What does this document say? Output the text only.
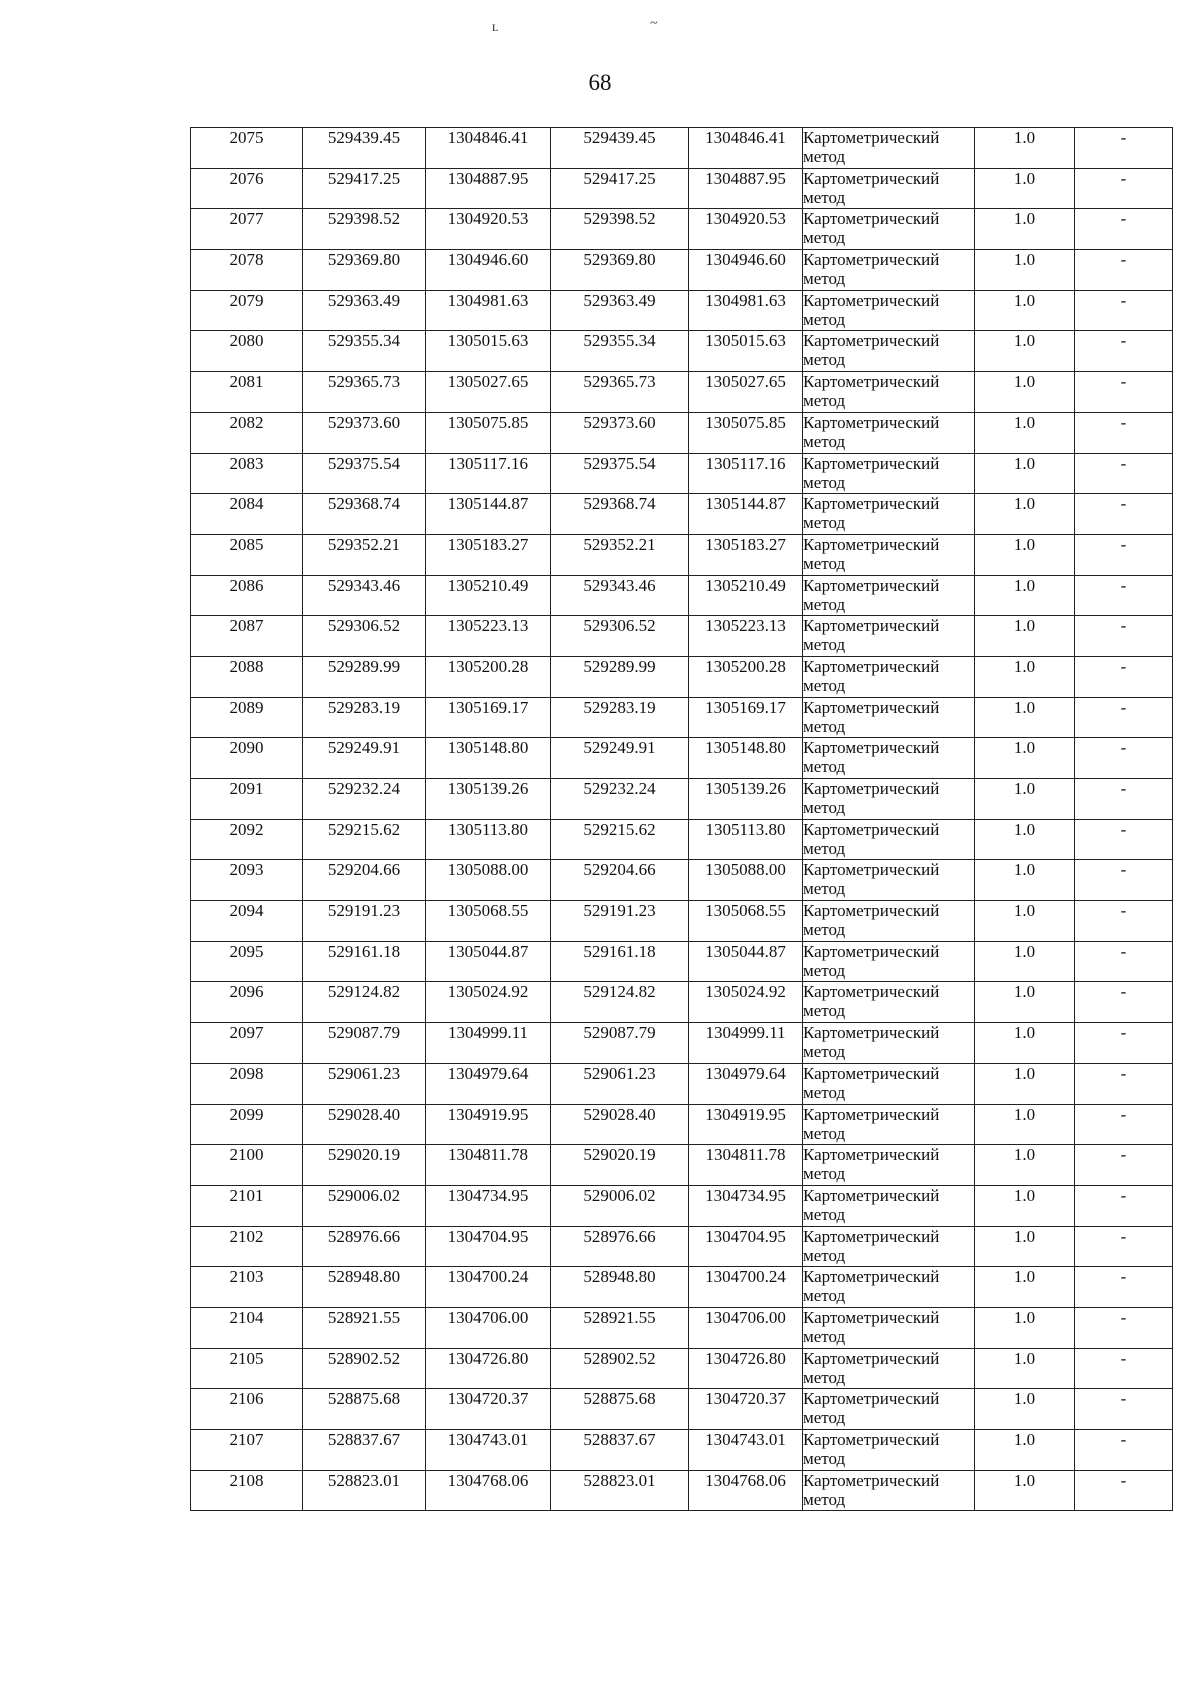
ʟ	~
68
2075	529439.45	1304846.41	529439.45	1304846.41	Картометрический метод	1.0	-
2076	529417.25	1304887.95	529417.25	1304887.95	Картометрический метод	1.0	-
2077	529398.52	1304920.53	529398.52	1304920.53	Картометрический метод	1.0	-
2078	529369.80	1304946.60	529369.80	1304946.60	Картометрический метод	1.0	-
2079	529363.49	1304981.63	529363.49	1304981.63	Картометрический метод	1.0	-
2080	529355.34	1305015.63	529355.34	1305015.63	Картометрический метод	1.0	-
2081	529365.73	1305027.65	529365.73	1305027.65	Картометрический метод	1.0	-
2082	529373.60	1305075.85	529373.60	1305075.85	Картометрический метод	1.0	-
2083	529375.54	1305117.16	529375.54	1305117.16	Картометрический метод	1.0	-
2084	529368.74	1305144.87	529368.74	1305144.87	Картометрический метод	1.0	-
2085	529352.21	1305183.27	529352.21	1305183.27	Картометрический метод	1.0	-
2086	529343.46	1305210.49	529343.46	1305210.49	Картометрический метод	1.0	-
2087	529306.52	1305223.13	529306.52	1305223.13	Картометрический метод	1.0	-
2088	529289.99	1305200.28	529289.99	1305200.28	Картометрический метод	1.0	-
2089	529283.19	1305169.17	529283.19	1305169.17	Картометрический метод	1.0	-
2090	529249.91	1305148.80	529249.91	1305148.80	Картометрический метод	1.0	-
2091	529232.24	1305139.26	529232.24	1305139.26	Картометрический метод	1.0	-
2092	529215.62	1305113.80	529215.62	1305113.80	Картометрический метод	1.0	-
2093	529204.66	1305088.00	529204.66	1305088.00	Картометрический метод	1.0	-
2094	529191.23	1305068.55	529191.23	1305068.55	Картометрический метод	1.0	-
2095	529161.18	1305044.87	529161.18	1305044.87	Картометрический метод	1.0	-
2096	529124.82	1305024.92	529124.82	1305024.92	Картометрический метод	1.0	-
2097	529087.79	1304999.11	529087.79	1304999.11	Картометрический метод	1.0	-
2098	529061.23	1304979.64	529061.23	1304979.64	Картометрический метод	1.0	-
2099	529028.40	1304919.95	529028.40	1304919.95	Картометрический метод	1.0	-
2100	529020.19	1304811.78	529020.19	1304811.78	Картометрический метод	1.0	-
2101	529006.02	1304734.95	529006.02	1304734.95	Картометрический метод	1.0	-
2102	528976.66	1304704.95	528976.66	1304704.95	Картометрический метод	1.0	-
2103	528948.80	1304700.24	528948.80	1304700.24	Картометрический метод	1.0	-
2104	528921.55	1304706.00	528921.55	1304706.00	Картометрический метод	1.0	-
2105	528902.52	1304726.80	528902.52	1304726.80	Картометрический метод	1.0	-
2106	528875.68	1304720.37	528875.68	1304720.37	Картометрический метод	1.0	-
2107	528837.67	1304743.01	528837.67	1304743.01	Картометрический метод	1.0	-
2108	528823.01	1304768.06	528823.01	1304768.06	Картометрический метод	1.0	-
